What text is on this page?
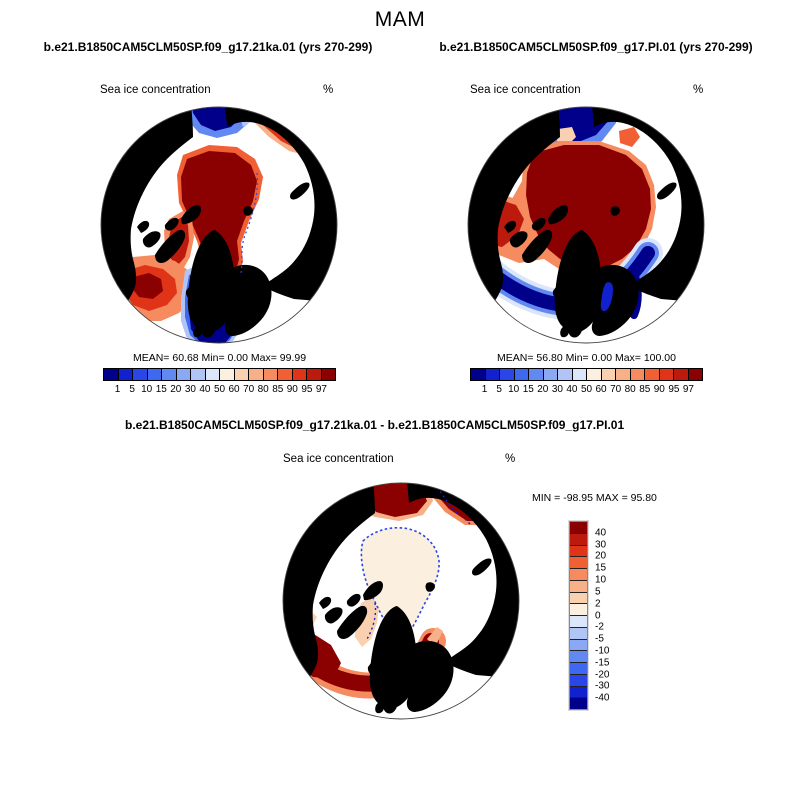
MAM
b.e21.B1850CAM5CLM50SP.f09_g17.21ka.01 (yrs 270-299)	b.e21.B1850CAM5CLM50SP.f09_g17.PI.01 (yrs 270-299)
Sea ice concentration	%	Sea ice concentration	%
MEAN= 60.68 Min= 0.00 Max= 99.99	MEAN= 56.80 Min= 0.00 Max= 100.00
1 5 10 15 20 30 40 50 60 70 80 85 90 95 97	1 5 10 15 20 30 40 50 60 70 80 85 90 95 97
b.e21.B1850CAM5CLM50SP.f09_g17.21ka.01 - b.e21.B1850CAM5CLM50SP.f09_g17.PI.01
Sea ice concentration	%
MIN = -98.95 MAX = 95.80
40
30
20
15
10
5
2
0
-2
-5
-10
-15
-20
-30
-40
